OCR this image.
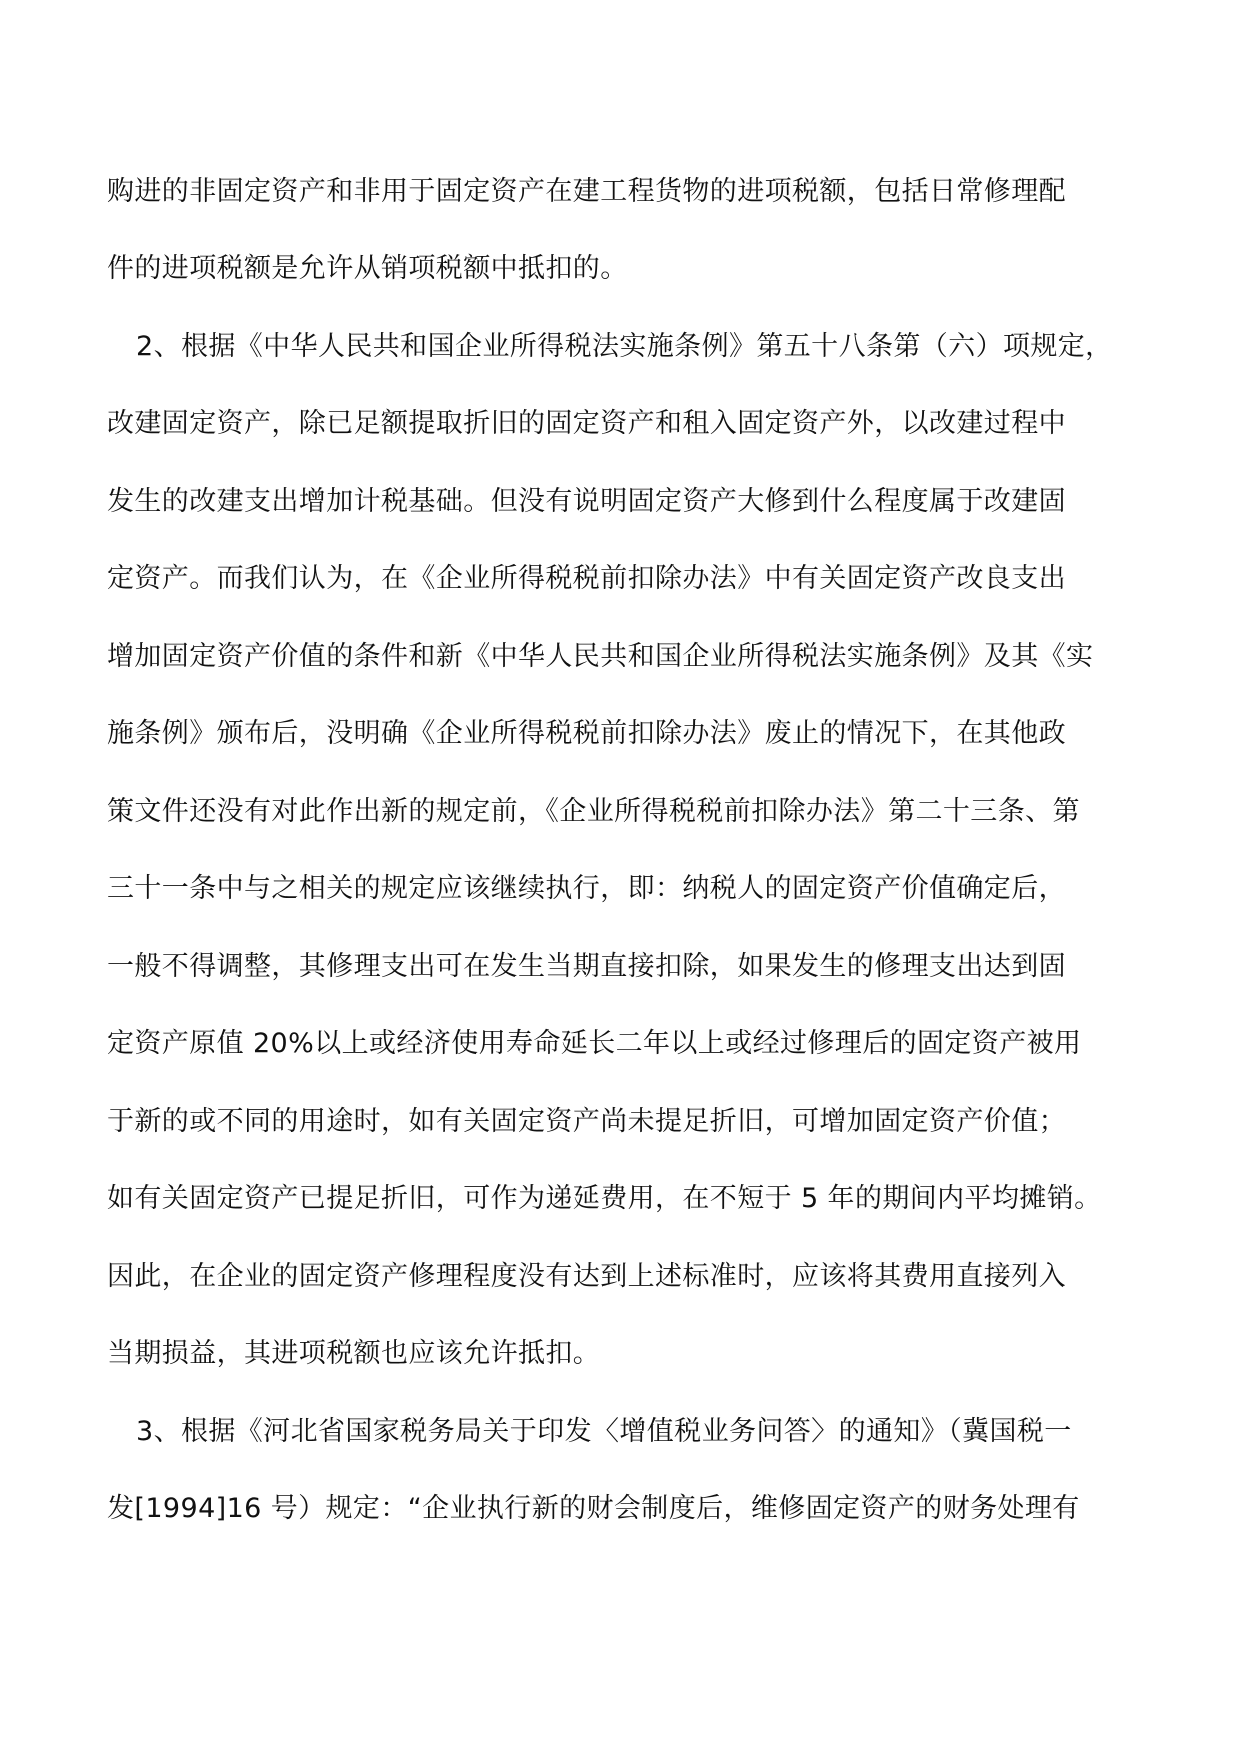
购进的非固定资产和非用于固定资产在建工程货物的进项税额，包括日常修理配
件的进项税额是允许从销项税额中抵扣的。
2、根据《中华人民共和国企业所得税法实施条例》第五十八条第（六）项规定，
改建固定资产，除已足额提取折旧的固定资产和租入固定资产外，以改建过程中
发生的改建支出增加计税基础。但没有说明固定资产大修到什么程度属于改建固
定资产。而我们认为，在《企业所得税税前扣除办法》中有关固定资产改良支出
增加固定资产价值的条件和新《中华人民共和国企业所得税法实施条例》及其《实
施条例》颁布后，没明确《企业所得税税前扣除办法》废止的情况下，在其他政
策文件还没有对此作出新的规定前，《企业所得税税前扣除办法》第二十三条、第
三十一条中与之相关的规定应该继续执行，即：纳税人的固定资产价值确定后，
一般不得调整，其修理支出可在发生当期直接扣除，如果发生的修理支出达到固
定资产原值 20%以上或经济使用寿命延长二年以上或经过修理后的固定资产被用
于新的或不同的用途时，如有关固定资产尚未提足折旧，可增加固定资产价值；
如有关固定资产已提足折旧，可作为递延费用，在不短于 5 年的期间内平均摊销。
因此，在企业的固定资产修理程度没有达到上述标准时，应该将其费用直接列入
当期损益，其进项税额也应该允许抵扣。
3、根据《河北省国家税务局关于印发〈增值税业务问答〉的通知》（冀国税一
发[1994]16 号）规定：“企业执行新的财会制度后，维修固定资产的财务处理有
